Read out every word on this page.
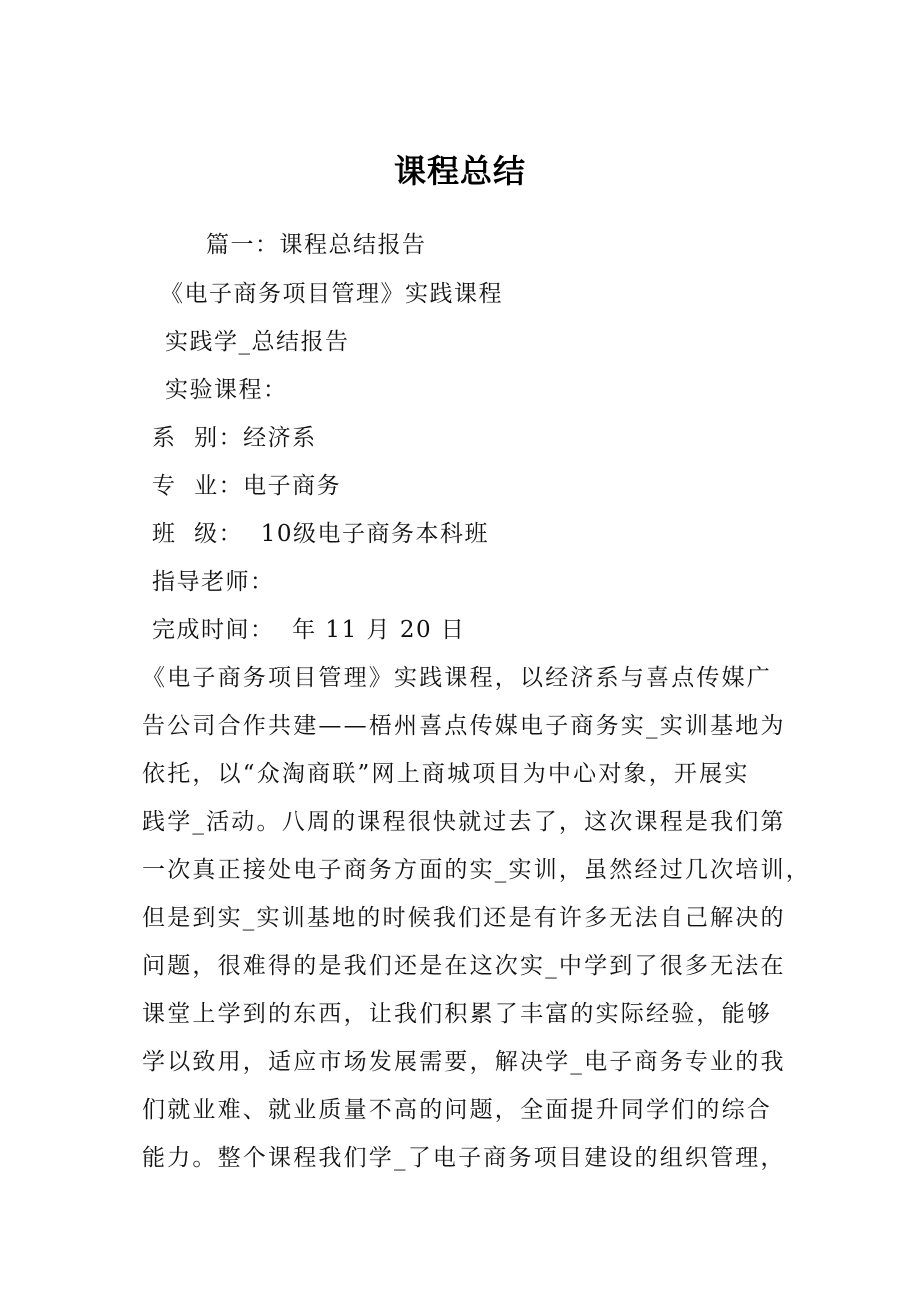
课程总结
篇一：课程总结报告
《电子商务项目管理》实践课程
实践学_总结报告
实验课程：
系  别：经济系
专  业：电子商务
班  级：  10级电子商务本科班
指导老师：
完成时间：  年 11 月 20 日
《电子商务项目管理》实践课程，以经济系与喜点传媒广
告公司合作共建——梧州喜点传媒电子商务实_实训基地为
依托，以“众淘商联”网上商城项目为中心对象，开展实
践学_活动。八周的课程很快就过去了，这次课程是我们第
一次真正接处电子商务方面的实_实训，虽然经过几次培训，
但是到实_实训基地的时候我们还是有许多无法自己解决的
问题，很难得的是我们还是在这次实_中学到了很多无法在
课堂上学到的东西，让我们积累了丰富的实际经验，能够
学以致用，适应市场发展需要，解决学_电子商务专业的我
们就业难、就业质量不高的问题，全面提升同学们的综合
能力。整个课程我们学_了电子商务项目建设的组织管理，
